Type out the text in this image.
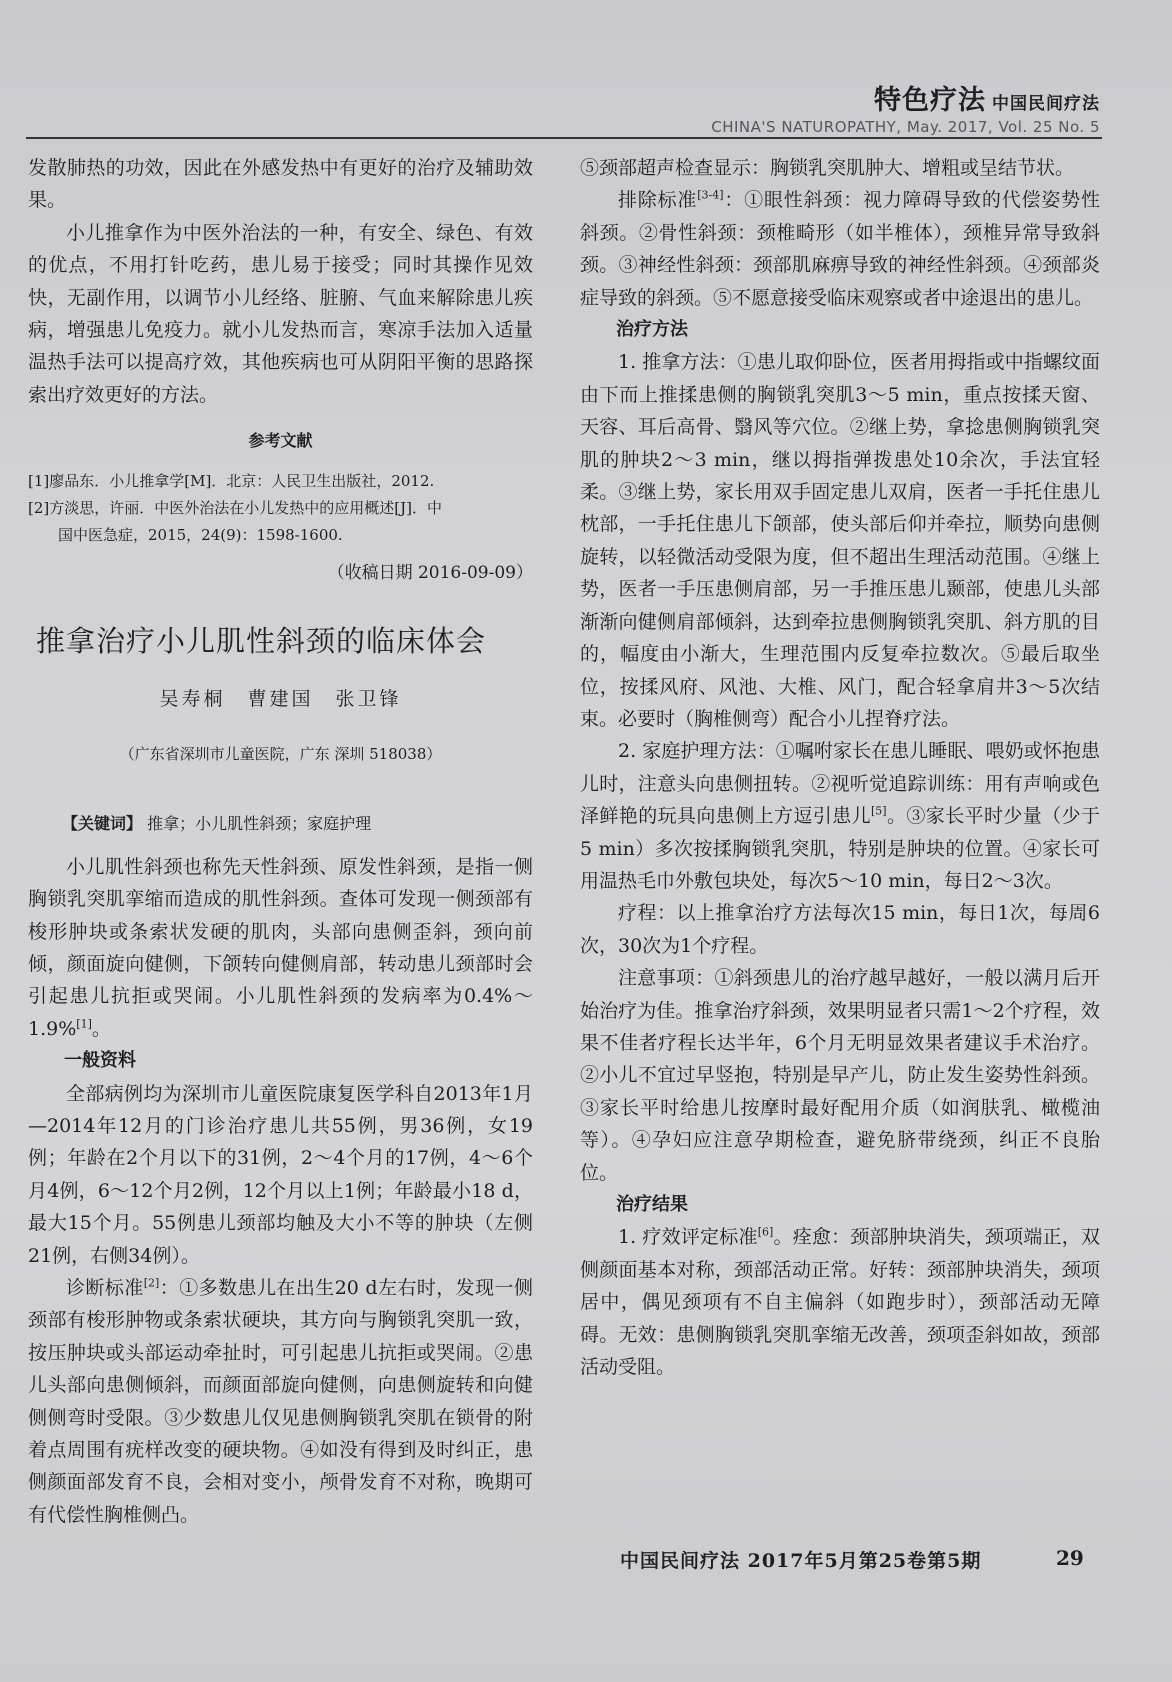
特色疗法 中国民间疗法
CHINA'S NATUROPATHY, May. 2017, Vol. 25 No. 5

发散肺热的功效，因此在外感发热中有更好的治疗及辅助效果。

小儿推拿作为中医外治法的一种，有安全、绿色、有效的优点，不用打针吃药，患儿易于接受；同时其操作见效快，无副作用，以调节小儿经络、脏腑、气血来解除患儿疾病，增强患儿免疫力。就小儿发热而言，寒凉手法加入适量温热手法可以提高疗效，其他疾病也可从阴阳平衡的思路探索出疗效更好的方法。

参考文献
[1]廖品东．小儿推拿学[M]．北京：人民卫生出版社，2012.
[2]方淡思，许丽．中医外治法在小儿发热中的应用概述[J]．中
国中医急症，2015，24(9)：1598-1600.
（收稿日期 2016-09-09）
推拿治疗小儿肌性斜颈的临床体会
吴寿桐　曹建国　张卫锋
（广东省深圳市儿童医院，广东 深圳 518038）
【关键词】 推拿；小儿肌性斜颈；家庭护理

小儿肌性斜颈也称先天性斜颈、原发性斜颈，是指一侧胸锁乳突肌挛缩而造成的肌性斜颈。查体可发现一侧颈部有梭形肿块或条索状发硬的肌肉，头部向患侧歪斜，颈向前倾，颜面旋向健侧，下颌转向健侧肩部，转动患儿颈部时会引起患儿抗拒或哭闹。小儿肌性斜颈的发病率为0.4%～1.9%[1]。

一般资料

全部病例均为深圳市儿童医院康复医学科自2013年1月—2014年12月的门诊治疗患儿共55例，男36例，女19例；年龄在2个月以下的31例，2～4个月的17例，4～6个月4例，6～12个月2例，12个月以上1例；年龄最小18 d，最大15个月。55例患儿颈部均触及大小不等的肿块（左侧21例，右侧34例）。

诊断标准[2]：①多数患儿在出生20 d左右时，发现一侧颈部有梭形肿物或条索状硬块，其方向与胸锁乳突肌一致，按压肿块或头部运动牵扯时，可引起患儿抗拒或哭闹。②患儿头部向患侧倾斜，而颜面部旋向健侧，向患侧旋转和向健侧侧弯时受限。③少数患儿仅见患侧胸锁乳突肌在锁骨的附着点周围有疣样改变的硬块物。④如没有得到及时纠正，患侧颜面部发育不良，会相对变小，颅骨发育不对称，晚期可有代偿性胸椎侧凸。

⑤颈部超声检查显示：胸锁乳突肌肿大、增粗或呈结节状。

排除标准[3-4]：①眼性斜颈：视力障碍导致的代偿姿势性斜颈。②骨性斜颈：颈椎畸形（如半椎体），颈椎异常导致斜颈。③神经性斜颈：颈部肌麻痹导致的神经性斜颈。④颈部炎症导致的斜颈。⑤不愿意接受临床观察或者中途退出的患儿。

治疗方法

1. 推拿方法：①患儿取仰卧位，医者用拇指或中指螺纹面由下而上推揉患侧的胸锁乳突肌3～5 min，重点按揉天窗、天容、耳后高骨、翳风等穴位。②继上势，拿捻患侧胸锁乳突肌的肿块2～3 min，继以拇指弹拨患处10余次，手法宜轻柔。③继上势，家长用双手固定患儿双肩，医者一手托住患儿枕部，一手托住患儿下颌部，使头部后仰并牵拉，顺势向患侧旋转，以轻微活动受限为度，但不超出生理活动范围。④继上势，医者一手压患侧肩部，另一手推压患儿颞部，使患儿头部渐渐向健侧肩部倾斜，达到牵拉患侧胸锁乳突肌、斜方肌的目的，幅度由小渐大，生理范围内反复牵拉数次。⑤最后取坐位，按揉风府、风池、大椎、风门，配合轻拿肩井3～5次结束。必要时（胸椎侧弯）配合小儿捏脊疗法。

2. 家庭护理方法：①嘱咐家长在患儿睡眠、喂奶或怀抱患儿时，注意头向患侧扭转。②视听觉追踪训练：用有声响或色泽鲜艳的玩具向患侧上方逗引患儿[5]。③家长平时少量（少于5 min）多次按揉胸锁乳突肌，特别是肿块的位置。④家长可用温热毛巾外敷包块处，每次5～10 min，每日2～3次。

疗程：以上推拿治疗方法每次15 min，每日1次，每周6次，30次为1个疗程。

注意事项：①斜颈患儿的治疗越早越好，一般以满月后开始治疗为佳。推拿治疗斜颈，效果明显者只需1～2个疗程，效果不佳者疗程长达半年，6个月无明显效果者建议手术治疗。②小儿不宜过早竖抱，特别是早产儿，防止发生姿势性斜颈。③家长平时给患儿按摩时最好配用介质（如润肤乳、橄榄油等）。④孕妇应注意孕期检查，避免脐带绕颈，纠正不良胎位。

治疗结果

1. 疗效评定标准[6]。痊愈：颈部肿块消失，颈项端正，双侧颜面基本对称，颈部活动正常。好转：颈部肿块消失，颈项居中，偶见颈项有不自主偏斜（如跑步时），颈部活动无障碍。无效：患侧胸锁乳突肌挛缩无改善，颈项歪斜如故，颈部活动受阻。

中国民间疗法 2017年5月第25卷第5期	29
